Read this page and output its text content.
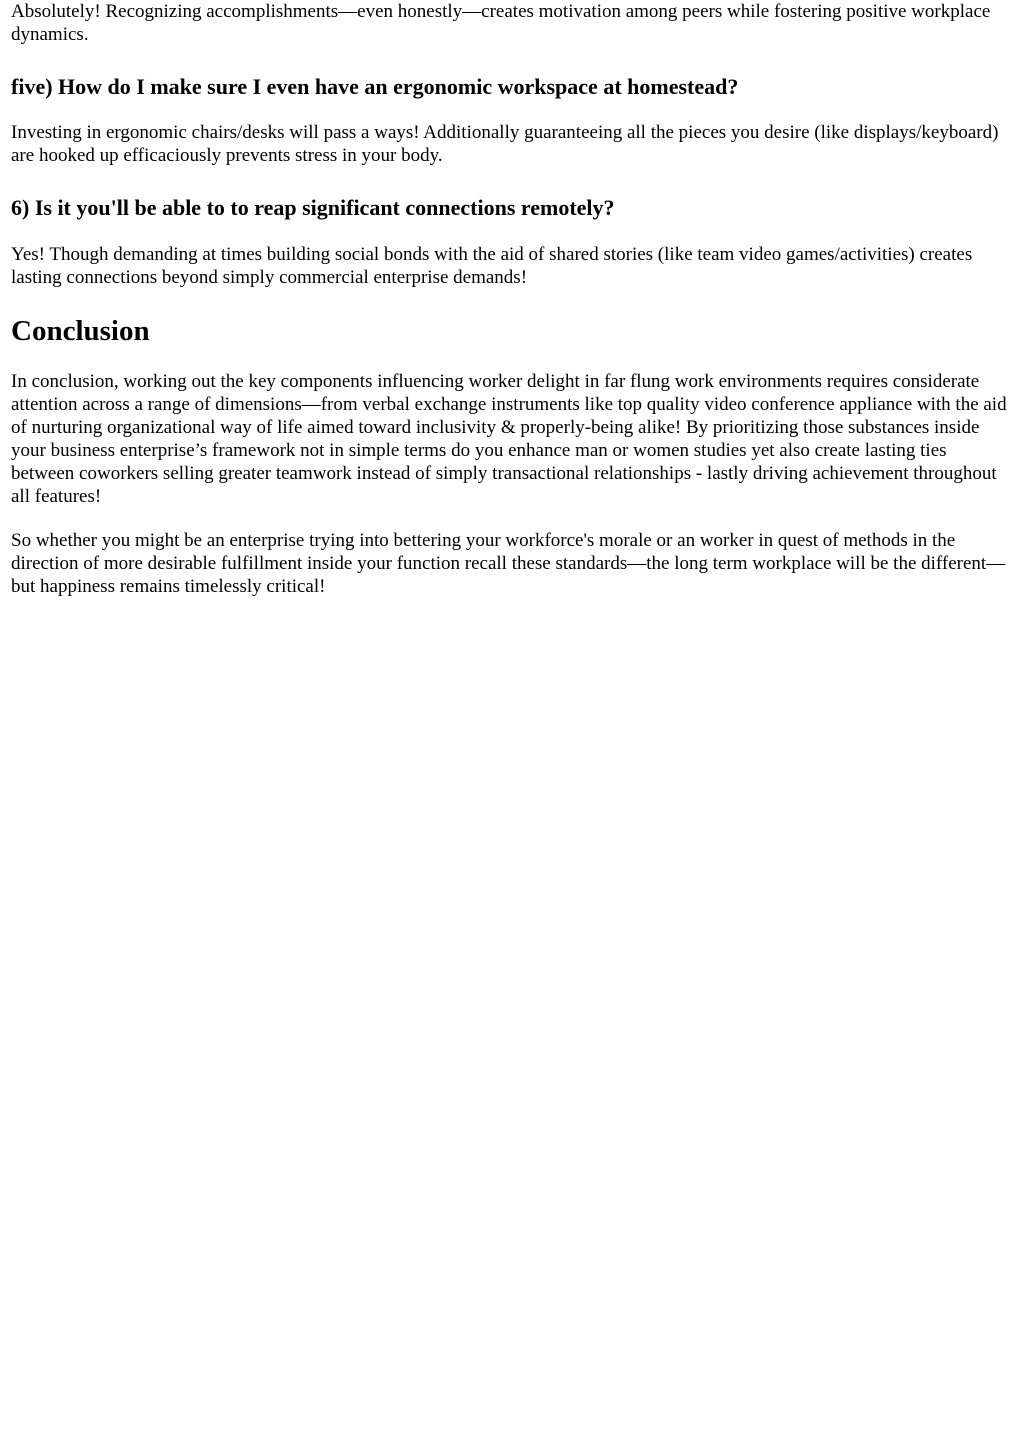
Absolutely! Recognizing accomplishments—even honestly—creates motivation among peers while fostering positive workplace dynamics.

five) How do I make sure I even have an ergonomic workspace at homestead?

Investing in ergonomic chairs/desks will pass a ways! Additionally guaranteeing all the pieces you desire (like displays/keyboard) are hooked up efficaciously prevents stress in your body.

6) Is it you'll be able to to reap significant connections remotely?

Yes! Though demanding at times building social bonds with the aid of shared stories (like team video games/activities) creates lasting connections beyond simply commercial enterprise demands!

Conclusion

In conclusion, working out the key components influencing worker delight in far flung work environments requires considerate attention across a range of dimensions—from verbal exchange instruments like top quality video conference appliance with the aid of nurturing organizational way of life aimed toward inclusivity & properly-being alike! By prioritizing those substances inside your business enterprise’s framework not in simple terms do you enhance man or women studies yet also create lasting ties between coworkers selling greater teamwork instead of simply transactional relationships - lastly driving achievement throughout all features!

So whether you might be an enterprise trying into bettering your workforce's morale or an worker in quest of methods in the direction of more desirable fulfillment inside your function recall these standards—the long term workplace will be the different—but happiness remains timelessly critical!
